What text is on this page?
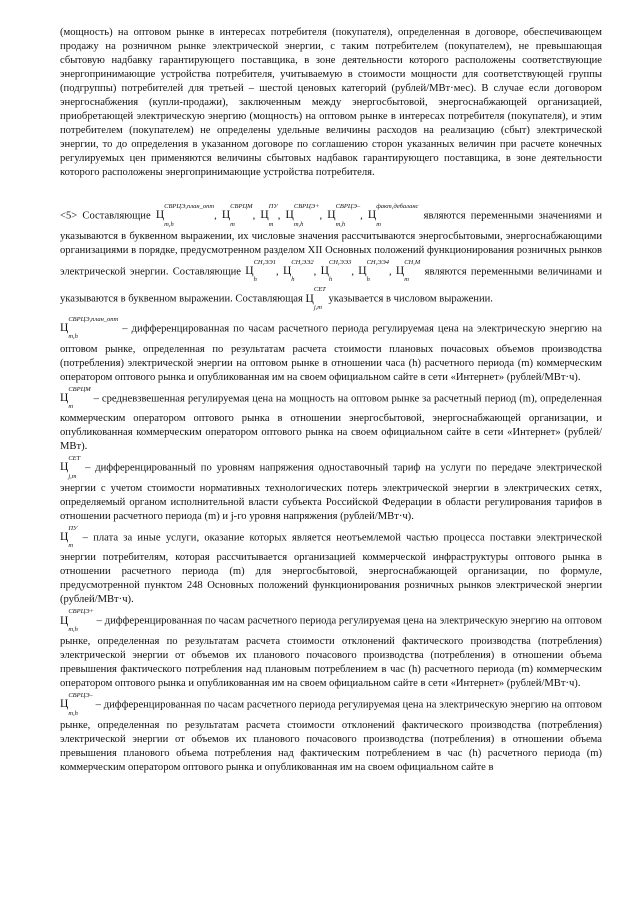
(мощность) на оптовом рынке в интересах потребителя (покупателя), определенная в договоре, обеспечивающем продажу на розничном рынке электрической энергии, с таким потребителем (покупателем), не превышающая сбытовую надбавку гарантирующего поставщика, в зоне деятельности которого расположены соответствующие энергопринимающие устройства потребителя, учитываемую в стоимости мощности для соответствующей группы (подгруппы) потребителей для третьей – шестой ценовых категорий (рублей/МВт·мес). В случае если договором энергоснабжения (купли-продажи), заключенным между энергосбытовой, энергоснабжающей организацией, приобретающей электрическую энергию (мощность) на оптовом рынке в интересах потребителя (покупателя), и этим потребителем (покупателем) не определены удельные величины расходов на реализацию (сбыт) электрической энергии, то до определения в указанном договоре по соглашению сторон указанных величин при расчете конечных регулируемых цен применяются величины сбытовых надбавок гарантирующего поставщика, в зоне деятельности которого расположены энергопринимающие устройства потребителя.

<5> Составляющие $Ц^{СВРЦЭ,план\_опт}$
$_{m,h}$, $Ц^{СВРЦМ}$
$_m$, $Ц^{ПУ}$
$_m$, $Ц^{СВРЦЭ+}$
$_{m,h}$, $Ц^{СВРЦЭ-}$
$_{m,h}$, $Ц^{факт,дебаланс}$
$_m$ являются переменными значениями и указываются в буквенном выражении, их числовые значения рассчитываются энергосбытовыми, энергоснабжающими организациями в порядке, предусмотренном разделом XII Основных положений функционирования розничных рынков электрической энергии. Составляющие $Ц^{СН,ЭЭ1}$
$_h$, $Ц^{СН,ЭЭ2}$
$_h$, $Ц^{СН,ЭЭ3}$
$_h$, $Ц^{СН,ЭЭ4}$
$_h$, $Ц^{СН,М}$
$_m$ являются переменными величинами и указываются в буквенном выражении. Составляющая $Ц^{СЕТ}$
$_{j,m}$ указывается в числовом выражении.

$Ц^{СВРЦЭ,план\_опт}$
$_{m,h}$ – дифференцированная по часам расчетного периода регулируемая цена на электрическую энергию на оптовом рынке, определенная по результатам расчета стоимости плановых почасовых объемов производства (потребления) электрической энергии на оптовом рынке в отношении часа (h) расчетного периода (m) коммерческим оператором оптового рынка и опубликованная им на своем официальном сайте в сети «Интернет» (рублей/МВт·ч).

$Ц^{СВРЦМ}$
$_m$ – средневзвешенная регулируемая цена на мощность на оптовом рынке за расчетный период (m), определенная коммерческим оператором оптового рынка в отношении энергосбытовой, энергоснабжающей организации, и опубликованная коммерческим оператором оптового рынка на своем официальном сайте в сети «Интернет» (рублей/МВт).

$Ц^{СЕТ}$
$_{j,m}$ – дифференцированный по уровням напряжения одноставочный тариф на услуги по передаче электрической энергии с учетом стоимости нормативных технологических потерь электрической энергии в электрических сетях, определяемый органом исполнительной власти субъекта Российской Федерации в области регулирования тарифов в отношении расчетного периода (m) и j-го уровня напряжения (рублей/МВт·ч).

$Ц^{ПУ}$
$_m$ – плата за иные услуги, оказание которых является неотъемлемой частью процесса поставки электрической энергии потребителям, которая рассчитывается организацией коммерческой инфраструктуры оптового рынка в отношении расчетного периода (m) для энергосбытовой, энергоснабжающей организации, по формуле, предусмотренной пунктом 248 Основных положений функционирования розничных рынков электрической энергии (рублей/МВт·ч).

$Ц^{СВРЦЭ+}$
$_{m,h}$ – дифференцированная по часам расчетного периода регулируемая цена на электрическую энергию на оптовом рынке, определенная по результатам расчета стоимости отклонений фактического производства (потребления) электрической энергии от объемов их планового почасового производства (потребления) в отношении объема превышения фактического потребления над плановым потреблением в час (h) расчетного периода (m) коммерческим оператором оптового рынка и опубликованная им на своем официальном сайте в сети «Интернет» (рублей/МВт·ч).

$Ц^{СВРЦЭ-}$
$_{m,h}$ – дифференцированная по часам расчетного периода регулируемая цена на электрическую энергию на оптовом рынке, определенная по результатам расчета стоимости отклонений фактического производства (потребления) электрической энергии от объемов их планового почасового производства (потребления) в отношении объема превышения планового объема потребления над фактическим потреблением в час (h) расчетного периода (m) коммерческим оператором оптового рынка и опубликованная им на своем официальном сайте в
